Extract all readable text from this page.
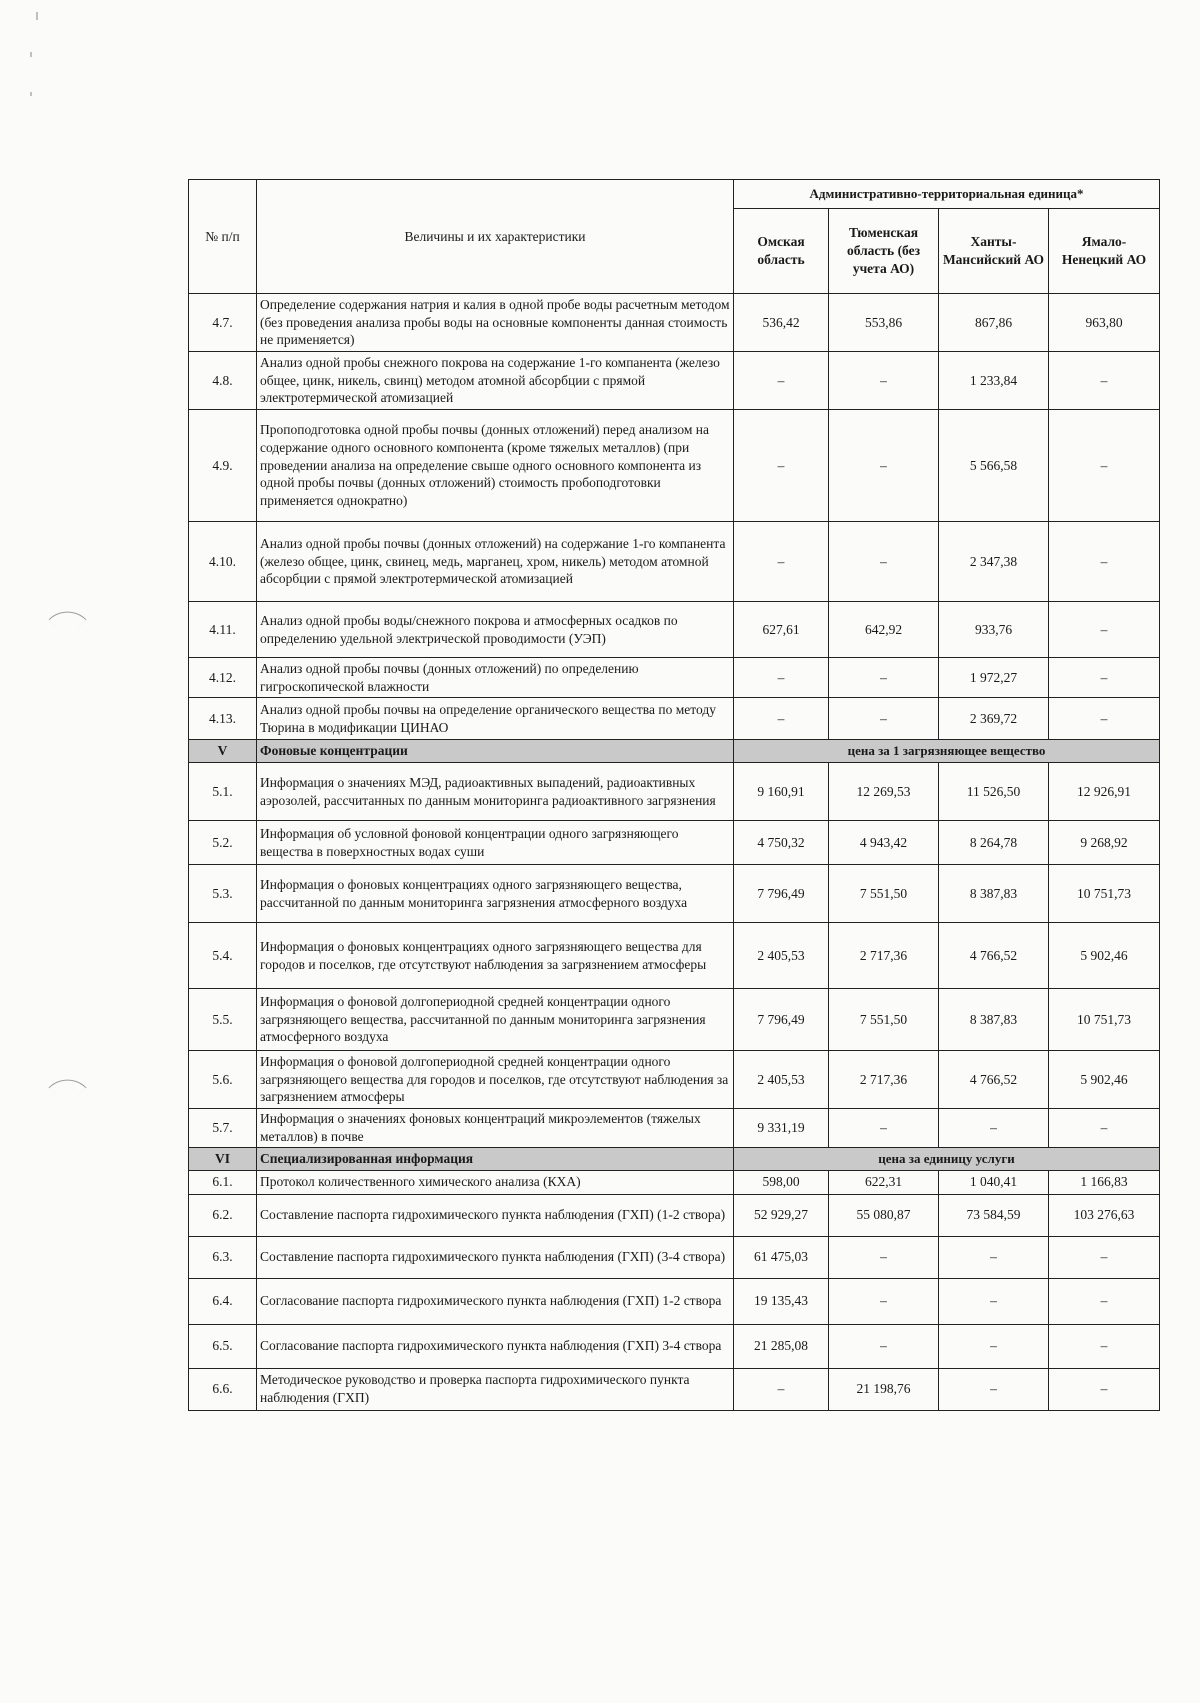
№ п/п	Величины и их характеристики	Административно-территориальная единица*			
		Омская область	Тюменская область (без учета АО)	Ханты-Мансийский АО	Ямало-Ненецкий АО
4.7.	Определение содержания натрия и калия в одной пробе воды расчетным методом (без проведения анализа пробы воды на основные компоненты данная стоимость не применяется)	536,42	553,86	867,86	963,80
4.8.	Анализ одной пробы снежного покрова на содержание 1-го компанента (железо общее, цинк, никель, свинц) методом атомной абсорбции с прямой электротермической атомизацией	–	–	1 233,84	–
4.9.	Пропоподготовка одной пробы почвы (донных отложений) перед анализом на содержание одного основного компонента (кроме тяжелых металлов) (при проведении анализа на определение свыше одного основного компонента из одной пробы почвы (донных отложений) стоимость пробоподготовки применяется однократно)	–	–	5 566,58	–
4.10.	Анализ одной пробы почвы (донных отложений) на содержание 1-го компанента (железо общее, цинк, свинец, медь, марганец, хром, никель) методом атомной абсорбции с прямой электротермической атомизацией	–	–	2 347,38	–
4.11.	Анализ одной пробы воды/снежного покрова и атмосферных осадков по определению удельной электрической проводимости (УЭП)	627,61	642,92	933,76	–
4.12.	Анализ одной пробы почвы (донных отложений) по определению гигроскопической влажности	–	–	1 972,27	–
4.13.	Анализ одной пробы почвы на определение органического вещества по методу Тюрина в модификации ЦИНАО	–	–	2 369,72	–
V	Фоновые концентрации	цена за 1 загрязняющее вещество			
5.1.	Информация о значениях МЭД, радиоактивных выпадений, радиоактивных аэрозолей, рассчитанных по данным мониторинга радиоактивного загрязнения	9 160,91	12 269,53	11 526,50	12 926,91
5.2.	Информация об условной фоновой концентрации одного загрязняющего вещества в поверхностных водах суши	4 750,32	4 943,42	8 264,78	9 268,92
5.3.	Информация о фоновых концентрациях одного загрязняющего вещества, рассчитанной по данным мониторинга загрязнения атмосферного воздуха	7 796,49	7 551,50	8 387,83	10 751,73
5.4.	Информация о фоновых концентрациях одного загрязняющего вещества для городов и поселков, где отсутствуют наблюдения за загрязнением атмосферы	2 405,53	2 717,36	4 766,52	5 902,46
5.5.	Информация о фоновой долгопериодной средней концентрации одного загрязняющего вещества, рассчитанной по данным мониторинга загрязнения атмосферного воздуха	7 796,49	7 551,50	8 387,83	10 751,73
5.6.	Информация о фоновой долгопериодной средней концентрации одного загрязняющего вещества для городов и поселков, где отсутствуют наблюдения за загрязнением атмосферы	2 405,53	2 717,36	4 766,52	5 902,46
5.7.	Информация о значениях фоновых концентраций микроэлементов (тяжелых металлов) в почве	9 331,19	–	–	–
VI	Специализированная информация	цена за единицу услуги			
6.1.	Протокол количественного химического анализа (КХА)	598,00	622,31	1 040,41	1 166,83
6.2.	Составление паспорта гидрохимического пункта наблюдения (ГХП) (1-2 створа)	52 929,27	55 080,87	73 584,59	103 276,63
6.3.	Составление паспорта гидрохимического пункта наблюдения (ГХП) (3-4 створа)	61 475,03	–	–	–
6.4.	Согласование паспорта гидрохимического пункта наблюдения (ГХП) 1-2 створа	19 135,43	–	–	–
6.5.	Согласование паспорта гидрохимического пункта наблюдения (ГХП) 3-4 створа	21 285,08	–	–	–
6.6.	Методическое руководство и проверка паспорта гидрохимического пункта наблюдения (ГХП)	–	21 198,76	–	–
